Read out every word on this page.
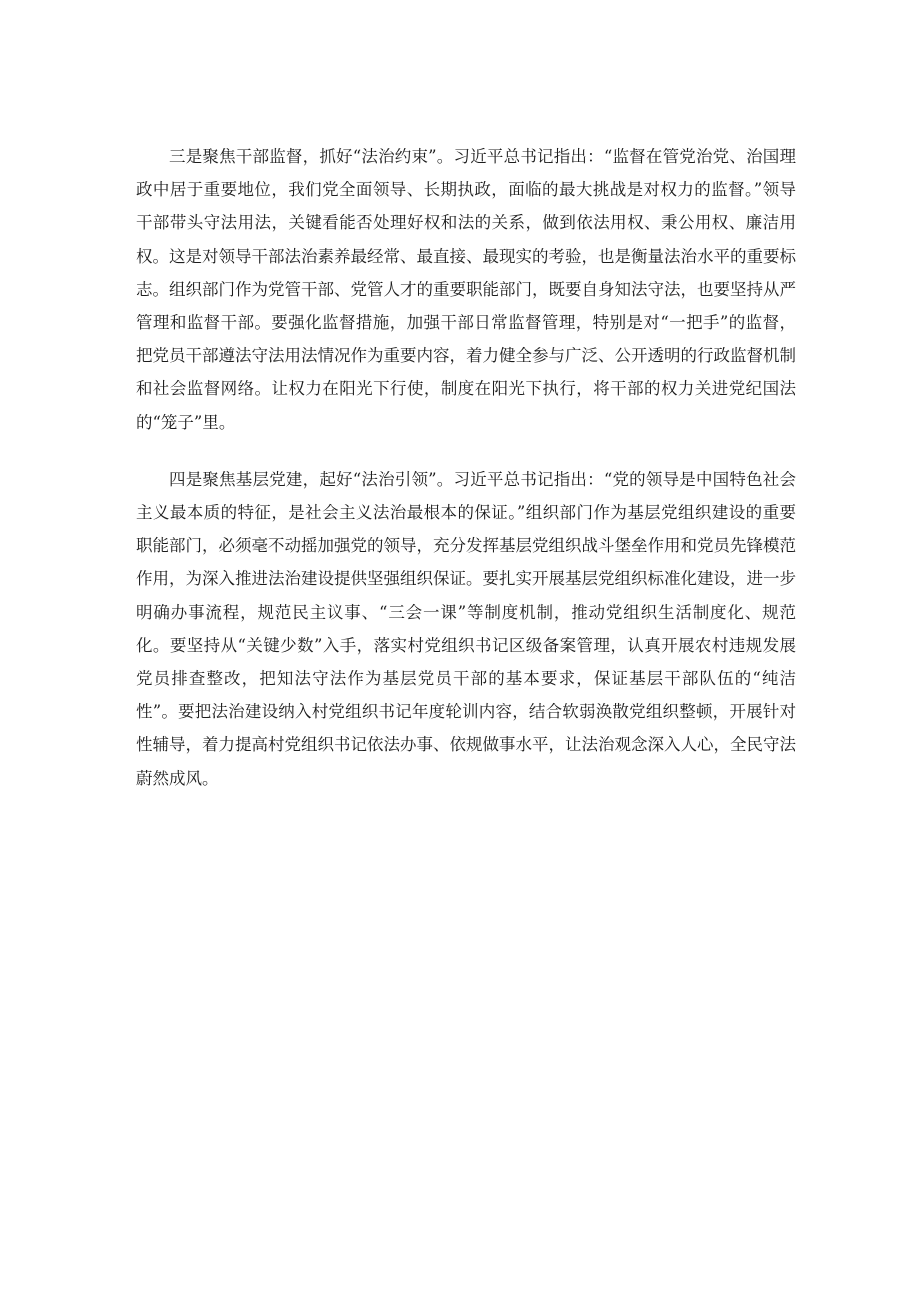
三是聚焦干部监督，抓好“法治约束”。习近平总书记指出：“监督在管党治党、治国理政中居于重要地位，我们党全面领导、长期执政，面临的最大挑战是对权力的监督。”领导干部带头守法用法，关键看能否处理好权和法的关系，做到依法用权、秉公用权、廉洁用权。这是对领导干部法治素养最经常、最直接、最现实的考验，也是衡量法治水平的重要标志。组织部门作为党管干部、党管人才的重要职能部门，既要自身知法守法，也要坚持从严管理和监督干部。要强化监督措施，加强干部日常监督管理，特别是对“一把手”的监督，把党员干部遵法守法用法情况作为重要内容，着力健全参与广泛、公开透明的行政监督机制和社会监督网络。让权力在阳光下行使，制度在阳光下执行，将干部的权力关进党纪国法的“笼子”里。

四是聚焦基层党建，起好“法治引领”。习近平总书记指出：“党的领导是中国特色社会主义最本质的特征，是社会主义法治最根本的保证。”组织部门作为基层党组织建设的重要职能部门，必须毫不动摇加强党的领导，充分发挥基层党组织战斗堡垒作用和党员先锋模范作用，为深入推进法治建设提供坚强组织保证。要扎实开展基层党组织标准化建设，进一步明确办事流程，规范民主议事、“三会一课”等制度机制，推动党组织生活制度化、规范化。要坚持从“关键少数”入手，落实村党组织书记区级备案管理，认真开展农村违规发展党员排查整改，把知法守法作为基层党员干部的基本要求，保证基层干部队伍的“纯洁性”。要把法治建设纳入村党组织书记年度轮训内容，结合软弱涣散党组织整顿，开展针对性辅导，着力提高村党组织书记依法办事、依规做事水平，让法治观念深入人心，全民守法蔚然成风。
